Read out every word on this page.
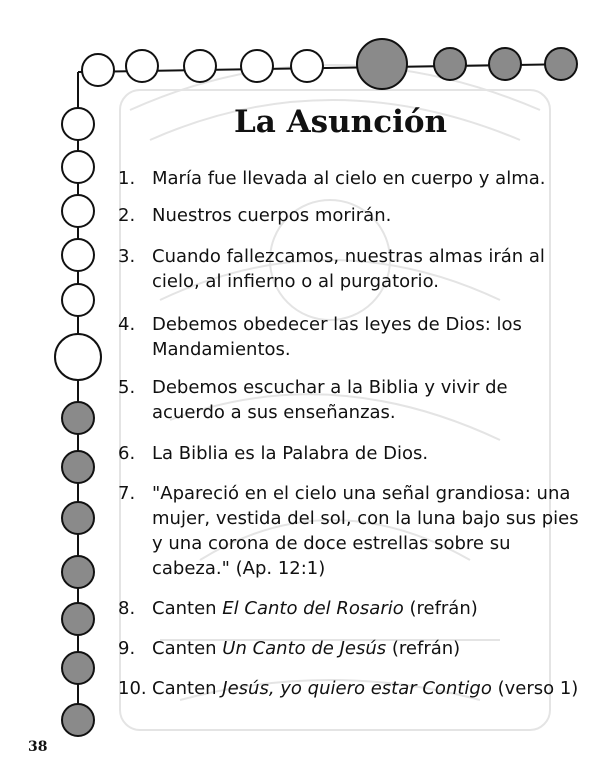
La Asunción
1. María fue llevada al cielo en cuerpo y alma.
2. Nuestros cuerpos morirán.
3. Cuando fallezcamos, nuestras almas irán al cielo, al infierno o al purgatorio.
4. Debemos obedecer las leyes de Dios: los Mandamientos.
5. Debemos escuchar a la Biblia y vivir de acuerdo a sus enseñanzas.
6. La Biblia es la Palabra de Dios.
7. "Apareció en el cielo una señal grandiosa: una mujer, vestida del sol, con la luna bajo sus pies y una corona de doce estrellas sobre su cabeza." (Ap. 12:1)
8. Canten El Canto del Rosario (refrán)
9. Canten Un Canto de Jesús (refrán)
10. Canten Jesús, yo quiero estar Contigo (verso 1)
38
